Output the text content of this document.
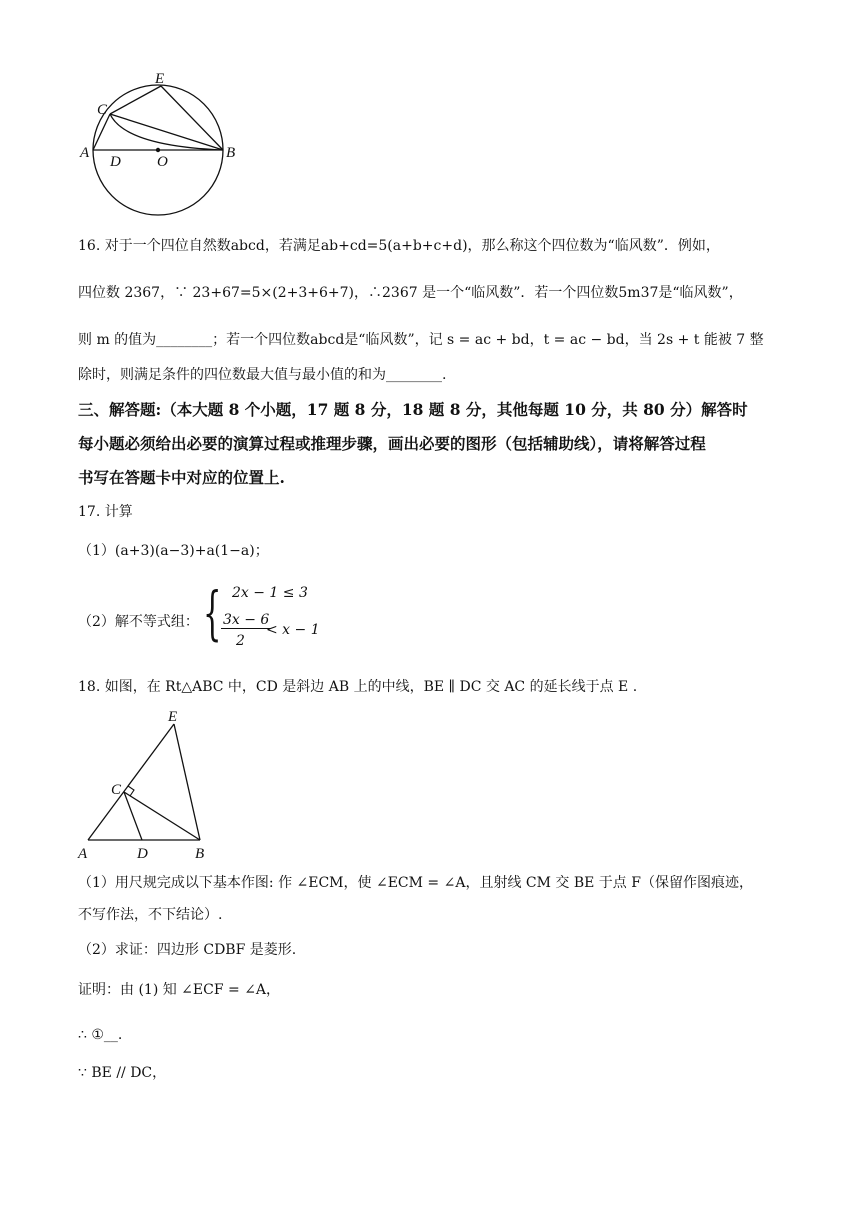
E
C
A
D O
B
16. 对于一个四位自然数abcd，若满足ab+cd=5(a+b+c+d)，那么称这个四位数为“临风数”．例如，
四位数 2367，∵ 23+67=5×(2+3+6+7)，∴2367 是一个“临风数”．若一个四位数5m37是“临风数”，
则 m 的值为________；若一个四位数abcd是“临风数”，记 s = ac + bd，t = ac − bd，当 2s + t 能被 7 整
除时，则满足条件的四位数最大值与最小值的和为________.
三、解答题:（本大题 8 个小题，17 题 8 分，18 题 8 分，其他每题 10 分，共 80 分）解答时
每小题必须给出必要的演算过程或推理步骤，画出必要的图形（包括辅助线），请将解答过程
书写在答题卡中对应的位置上.
17. 计算
（1）(a+3)(a−3)+a(1−a)；
（2）解不等式组： { 2x − 1 ≤ 3
3x − 6
2
< x − 1
18. 如图，在 Rt△ABC 中，CD 是斜边 AB 上的中线，BE ∥ DC 交 AC 的延长线于点 E .
E
C
A	D	B
（1）用尺规完成以下基本作图: 作 ∠ECM，使 ∠ECM = ∠A，且射线 CM 交 BE 于点 F（保留作图痕迹，
不写作法，不下结论）.
（2）求证：四边形 CDBF 是菱形.
证明：由 (1) 知 ∠ECF = ∠A，
∴ ①__.
∵ BE // DC，
